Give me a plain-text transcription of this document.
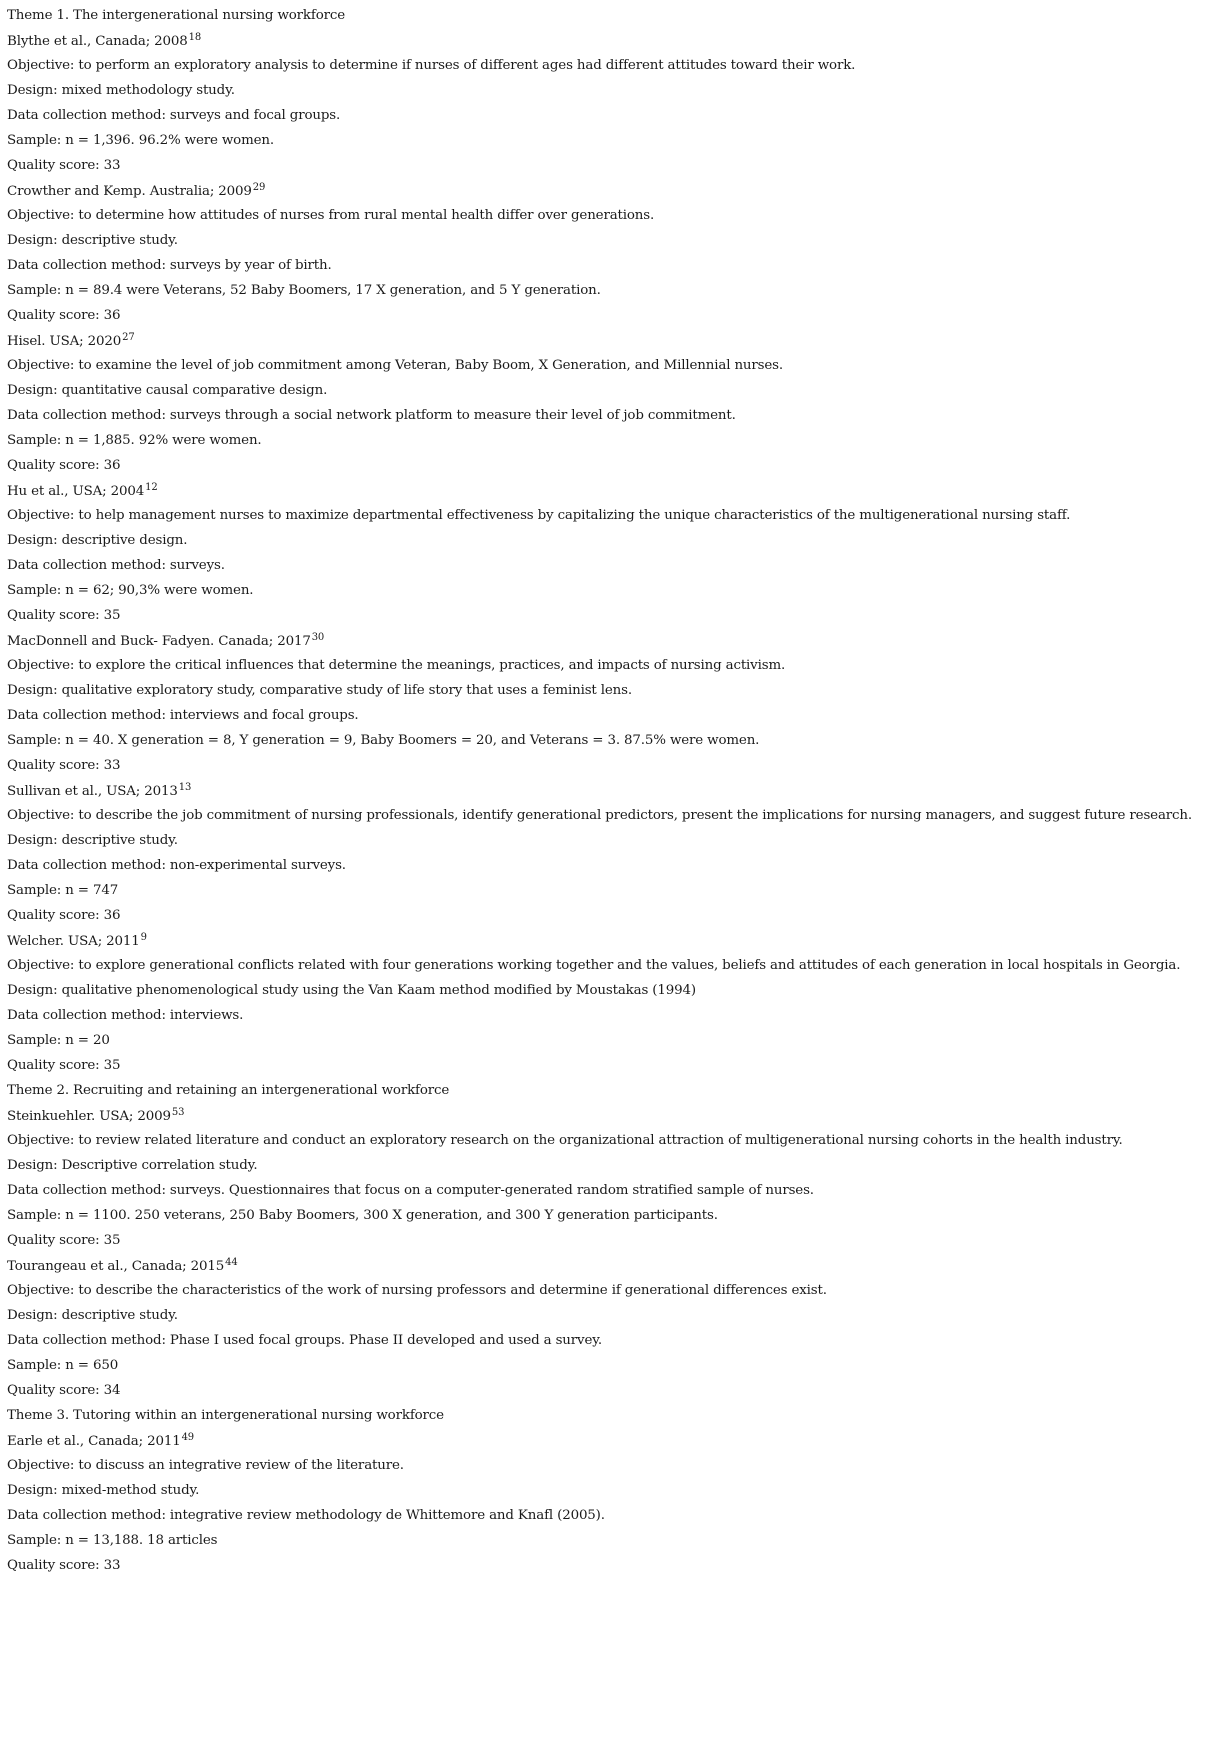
Theme 1. The intergenerational nursing workforce
Blythe et al., Canada; 2008$^{18}$
Objective: to perform an exploratory analysis to determine if nurses of different ages had different attitudes toward their work.
Design: mixed methodology study.
Data collection method: surveys and focal groups.
Sample: n = 1,396. 96.2% were women.
Quality score: 33
Crowther and Kemp. Australia; 2009$^{29}$
Objective: to determine how attitudes of nurses from rural mental health differ over generations.
Design: descriptive study.
Data collection method: surveys by year of birth.
Sample: n = 89.4 were Veterans, 52 Baby Boomers, 17 X generation, and 5 Y generation.
Quality score: 36
Hisel. USA; 2020$^{27}$
Objective: to examine the level of job commitment among Veteran, Baby Boom, X Generation, and Millennial nurses.
Design: quantitative causal comparative design.
Data collection method: surveys through a social network platform to measure their level of job commitment.
Sample: n = 1,885. 92% were women.
Quality score: 36
Hu et al., USA; 2004$^{12}$
Objective: to help management nurses to maximize departmental effectiveness by capitalizing the unique characteristics of the multigenerational nursing staff.
Design: descriptive design.
Data collection method: surveys.
Sample: n = 62; 90,3% were women.
Quality score: 35
MacDonnell and Buck- Fadyen. Canada; 2017$^{30}$
Objective: to explore the critical influences that determine the meanings, practices, and impacts of nursing activism.
Design: qualitative exploratory study, comparative study of life story that uses a feminist lens.
Data collection method: interviews and focal groups.
Sample: n = 40. X generation = 8, Y generation = 9, Baby Boomers = 20, and Veterans = 3. 87.5% were women.
Quality score: 33
Sullivan et al., USA; 2013$^{13}$
Objective: to describe the job commitment of nursing professionals, identify generational predictors, present the implications for nursing managers, and suggest future research.
Design: descriptive study.
Data collection method: non-experimental surveys.
Sample: n = 747
Quality score: 36
Welcher. USA; 2011$^9$
Objective: to explore generational conflicts related with four generations working together and the values, beliefs and attitudes of each generation in local hospitals in Georgia.
Design: qualitative phenomenological study using the Van Kaam method modified by Moustakas (1994)
Data collection method: interviews.
Sample: n = 20
Quality score: 35
Theme 2. Recruiting and retaining an intergenerational workforce
Steinkuehler. USA; 2009$^{53}$
Objective: to review related literature and conduct an exploratory research on the organizational attraction of multigenerational nursing cohorts in the health industry.
Design: Descriptive correlation study.
Data collection method: surveys. Questionnaires that focus on a computer-generated random stratified sample of nurses.
Sample: n = 1100. 250 veterans, 250 Baby Boomers, 300 X generation, and 300 Y generation participants.
Quality score: 35
Tourangeau et al., Canada; 2015$^{44}$
Objective: to describe the characteristics of the work of nursing professors and determine if generational differences exist.
Design: descriptive study.
Data collection method: Phase I used focal groups. Phase II developed and used a survey.
Sample: n = 650
Quality score: 34
Theme 3. Tutoring within an intergenerational nursing workforce
Earle et al., Canada; 2011$^{49}$
Objective: to discuss an integrative review of the literature.
Design: mixed-method study.
Data collection method: integrative review methodology de Whittemore and Knafl (2005).
Sample: n = 13,188. 18 articles
Quality score: 33
